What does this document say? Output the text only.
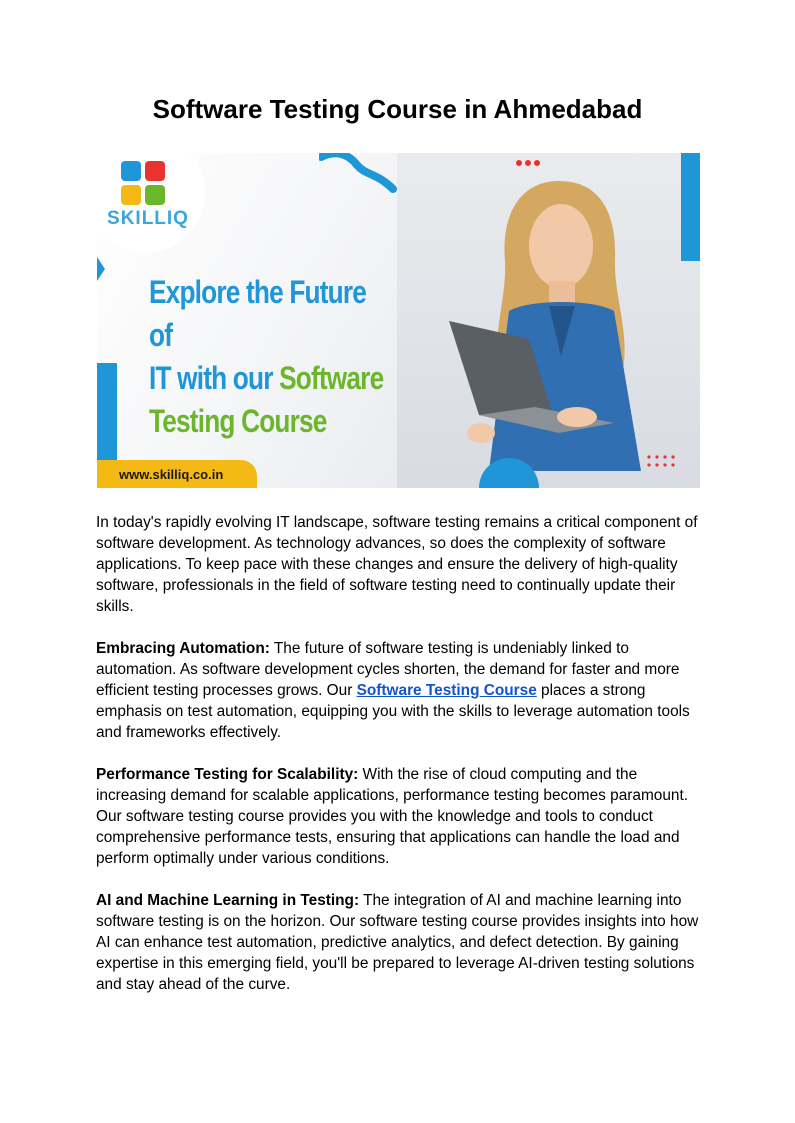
Software Testing Course in Ahmedabad
SKILLIQ
Explore the Future of
IT with our Software
Testing Course
www.skilliq.co.in

In today's rapidly evolving IT landscape, software testing remains a critical component of software development. As technology advances, so does the complexity of software applications. To keep pace with these changes and ensure the delivery of high-quality software, professionals in the field of software testing need to continually update their skills.

Embracing Automation: The future of software testing is undeniably linked to automation. As software development cycles shorten, the demand for faster and more efficient testing processes grows. Our Software Testing Course places a strong emphasis on test automation, equipping you with the skills to leverage automation tools and frameworks effectively.

Performance Testing for Scalability: With the rise of cloud computing and the increasing demand for scalable applications, performance testing becomes paramount. Our software testing course provides you with the knowledge and tools to conduct comprehensive performance tests, ensuring that applications can handle the load and perform optimally under various conditions.

AI and Machine Learning in Testing: The integration of AI and machine learning into software testing is on the horizon. Our software testing course provides insights into how AI can enhance test automation, predictive analytics, and defect detection. By gaining expertise in this emerging field, you'll be prepared to leverage AI-driven testing solutions and stay ahead of the curve.
